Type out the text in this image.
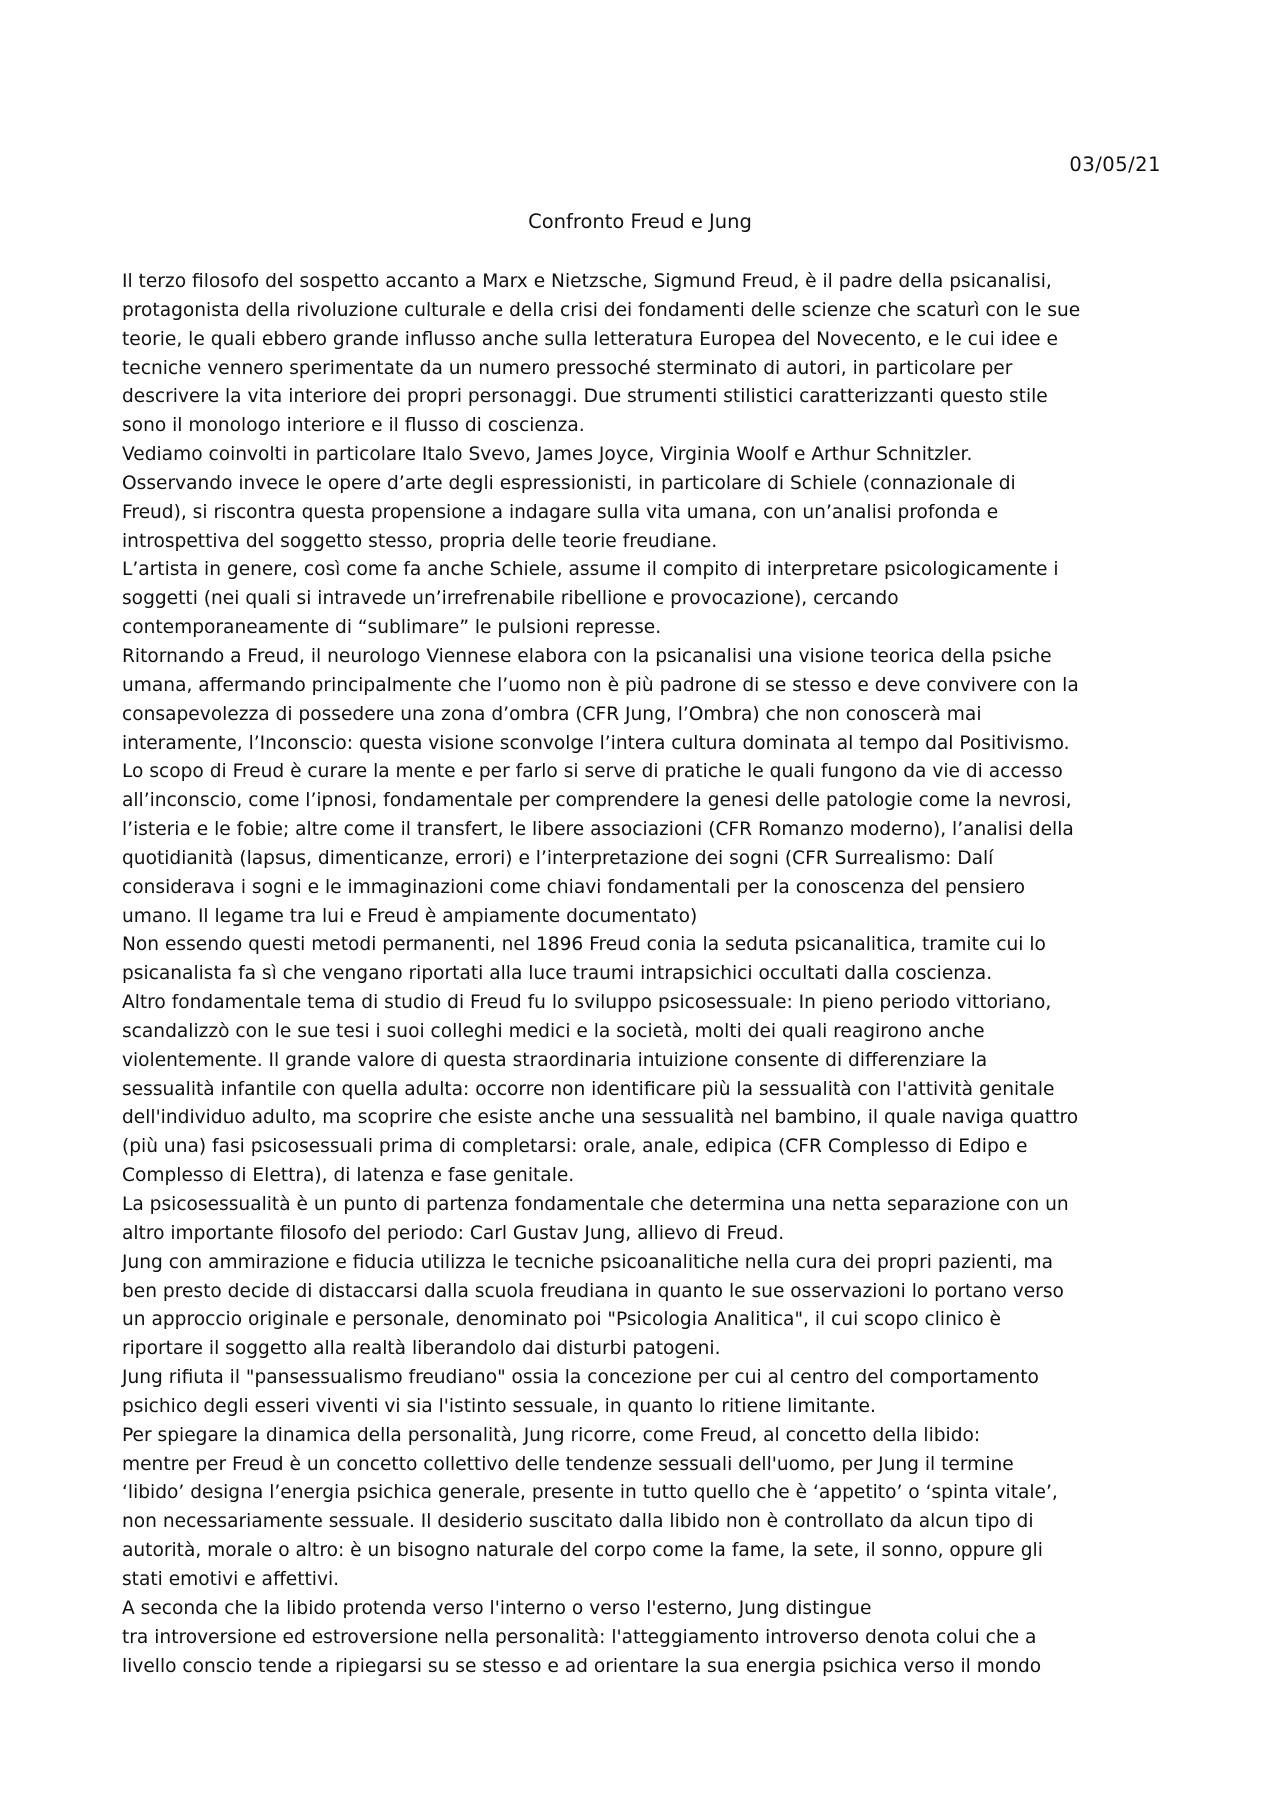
03/05/21
Confronto Freud e Jung
Il terzo filosofo del sospetto accanto a Marx e Nietzsche, Sigmund Freud, è il padre della psicanalisi,
protagonista della rivoluzione culturale e della crisi dei fondamenti delle scienze che scaturì con le sue
teorie, le quali ebbero grande influsso anche sulla letteratura Europea del Novecento, e le cui idee e
tecniche vennero sperimentate da un numero pressoché sterminato di autori, in particolare per
descrivere la vita interiore dei propri personaggi. Due strumenti stilistici caratterizzanti questo stile
sono il monologo interiore e il flusso di coscienza.
Vediamo coinvolti in particolare Italo Svevo, James Joyce, Virginia Woolf e Arthur Schnitzler.
Osservando invece le opere d’arte degli espressionisti, in particolare di Schiele (connazionale di
Freud), si riscontra questa propensione a indagare sulla vita umana, con un’analisi profonda e
introspettiva del soggetto stesso, propria delle teorie freudiane.
L’artista in genere, così come fa anche Schiele, assume il compito di interpretare psicologicamente i
soggetti (nei quali si intravede un’irrefrenabile ribellione e provocazione), cercando
contemporaneamente di “sublimare” le pulsioni represse.
Ritornando a Freud, il neurologo Viennese elabora con la psicanalisi una visione teorica della psiche
umana, affermando principalmente che l’uomo non è più padrone di se stesso e deve convivere con la
consapevolezza di possedere una zona d’ombra (CFR Jung, l’Ombra) che non conoscerà mai
interamente, l’Inconscio: questa visione sconvolge l’intera cultura dominata al tempo dal Positivismo.
Lo scopo di Freud è curare la mente e per farlo si serve di pratiche le quali fungono da vie di accesso
all’inconscio, come l’ipnosi, fondamentale per comprendere la genesi delle patologie come la nevrosi,
l’isteria e le fobie; altre come il transfert, le libere associazioni (CFR Romanzo moderno), l’analisi della
quotidianità (lapsus, dimenticanze, errori) e l’interpretazione dei sogni (CFR Surrealismo: Dalí
considerava i sogni e le immaginazioni come chiavi fondamentali per la conoscenza del pensiero
umano. Il legame tra lui e Freud è ampiamente documentato)
Non essendo questi metodi permanenti, nel 1896 Freud conia la seduta psicanalitica, tramite cui lo
psicanalista fa sì che vengano riportati alla luce traumi intrapsichici occultati dalla coscienza.
Altro fondamentale tema di studio di Freud fu lo sviluppo psicosessuale: In pieno periodo vittoriano,
scandalizzò con le sue tesi i suoi colleghi medici e la società, molti dei quali reagirono anche
violentemente. Il grande valore di questa straordinaria intuizione consente di differenziare la
sessualità infantile con quella adulta: occorre non identificare più la sessualità con l'attività genitale
dell'individuo adulto, ma scoprire che esiste anche una sessualità nel bambino, il quale naviga quattro
(più una) fasi psicosessuali prima di completarsi: orale, anale, edipica (CFR Complesso di Edipo e
Complesso di Elettra), di latenza e fase genitale.
La psicosessualità è un punto di partenza fondamentale che determina una netta separazione con un
altro importante filosofo del periodo: Carl Gustav Jung, allievo di Freud.
Jung con ammirazione e fiducia utilizza le tecniche psicoanalitiche nella cura dei propri pazienti, ma
ben presto decide di distaccarsi dalla scuola freudiana in quanto le sue osservazioni lo portano verso
un approccio originale e personale, denominato poi "Psicologia Analitica", il cui scopo clinico è
riportare il soggetto alla realtà liberandolo dai disturbi patogeni.
Jung rifiuta il "pansessualismo freudiano" ossia la concezione per cui al centro del comportamento
psichico degli esseri viventi vi sia l'istinto sessuale, in quanto lo ritiene limitante.
Per spiegare la dinamica della personalità, Jung ricorre, come Freud, al concetto della libido:
mentre per Freud è un concetto collettivo delle tendenze sessuali dell'uomo, per Jung il termine
‘libido’ designa l’energia psichica generale, presente in tutto quello che è ‘appetito’ o ‘spinta vitale’,
non necessariamente sessuale. Il desiderio suscitato dalla libido non è controllato da alcun tipo di
autorità, morale o altro: è un bisogno naturale del corpo come la fame, la sete, il sonno, oppure gli
stati emotivi e affettivi.
A seconda che la libido protenda verso l'interno o verso l'esterno, Jung distingue
tra introversione ed estroversione nella personalità: l'atteggiamento introverso denota colui che a
livello conscio tende a ripiegarsi su se stesso e ad orientare la sua energia psichica verso il mondo
